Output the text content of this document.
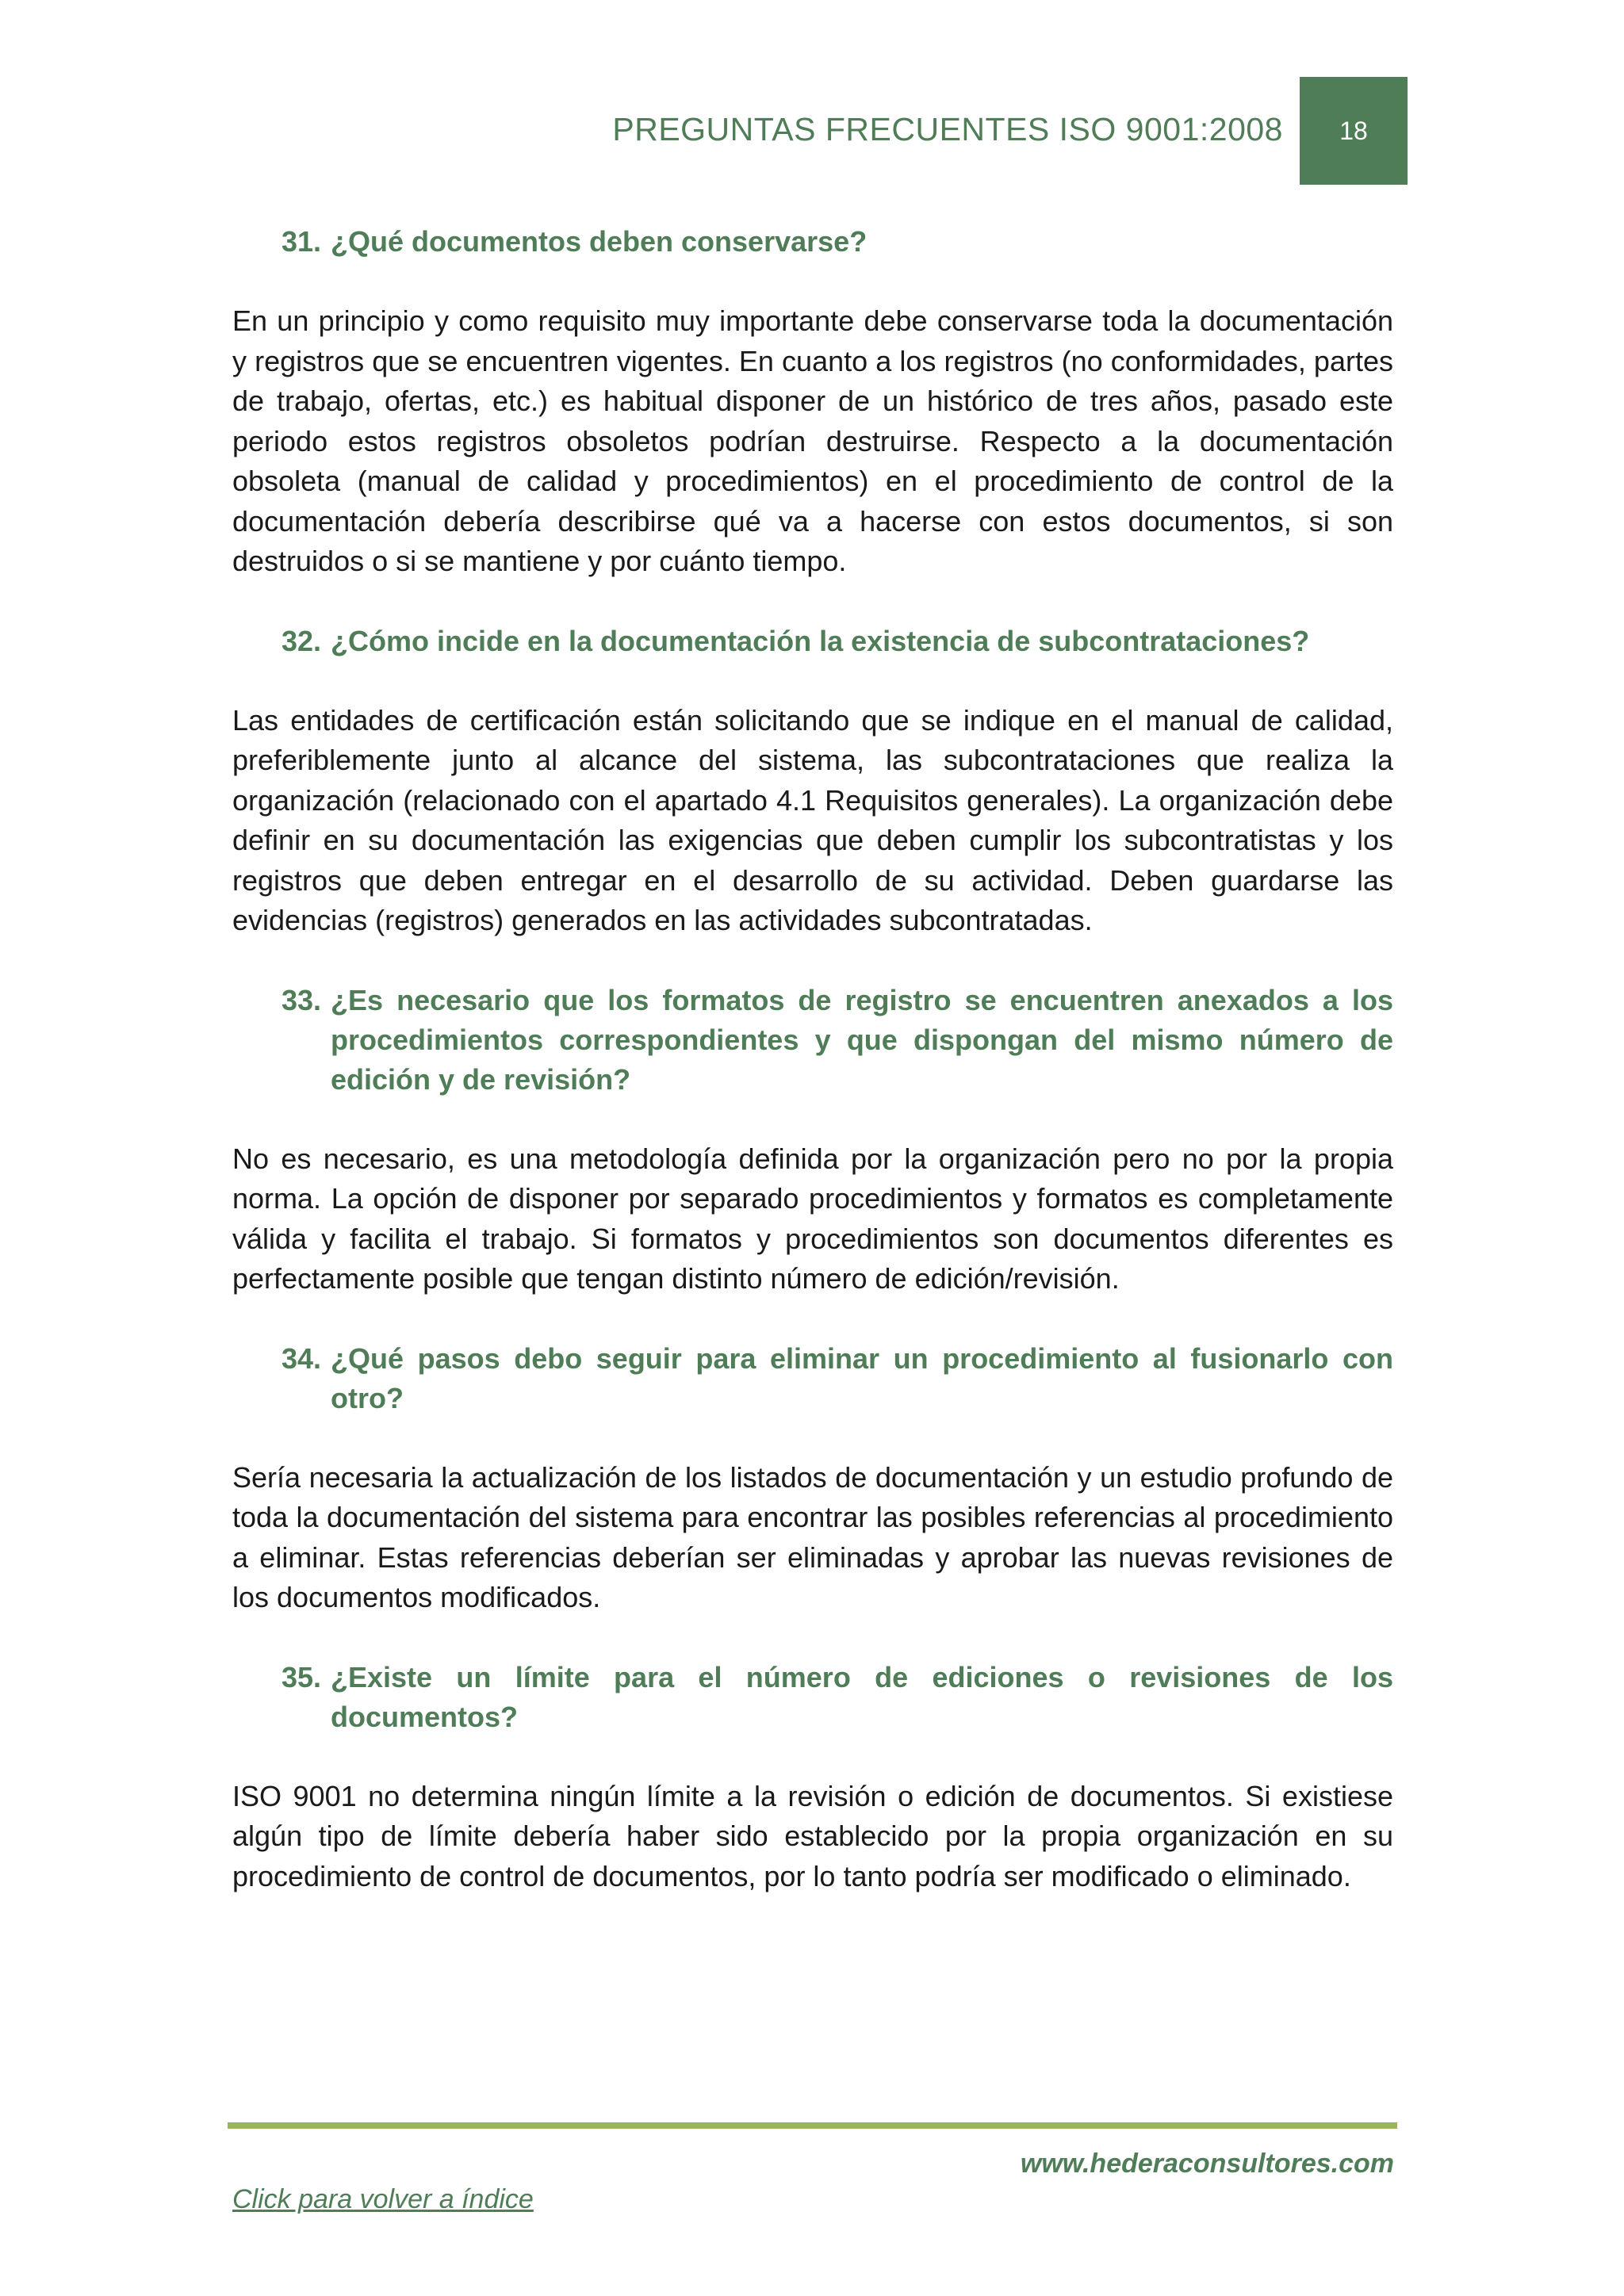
PREGUNTAS FRECUENTES ISO 9001:2008 18
31. ¿Qué documentos deben conservarse?
En un principio y como requisito muy importante debe conservarse toda la documentación y registros que se encuentren vigentes. En cuanto a los registros (no conformidades, partes de trabajo, ofertas, etc.) es habitual disponer de un histórico de tres años, pasado este periodo estos registros obsoletos podrían destruirse. Respecto a la documentación obsoleta (manual de calidad y procedimientos) en el procedimiento de control de la documentación debería describirse qué va a hacerse con estos documentos, si son destruidos o si se mantiene y por cuánto tiempo.
32. ¿Cómo incide en la documentación la existencia de subcontrataciones?
Las entidades de certificación están solicitando que se indique en el manual de calidad, preferiblemente junto al alcance del sistema, las subcontrataciones que realiza la organización (relacionado con el apartado 4.1 Requisitos generales). La organización debe definir en su documentación las exigencias que deben cumplir los subcontratistas y los registros que deben entregar en el desarrollo de su actividad. Deben guardarse las evidencias (registros) generados en las actividades subcontratadas.
33. ¿Es necesario que los formatos de registro se encuentren anexados a los procedimientos correspondientes y que dispongan del mismo número de edición y de revisión?
No es necesario, es una metodología definida por la organización pero no por la propia norma. La opción de disponer por separado procedimientos y formatos es completamente válida y facilita el trabajo. Si formatos y procedimientos son documentos diferentes es perfectamente posible que tengan distinto número de edición/revisión.
34. ¿Qué pasos debo seguir para eliminar un procedimiento al fusionarlo con otro?
Sería necesaria la actualización de los listados de documentación y un estudio profundo de toda la documentación del sistema para encontrar las posibles referencias al procedimiento a eliminar. Estas referencias deberían ser eliminadas y aprobar las nuevas revisiones de los documentos modificados.
35. ¿Existe un límite para el número de ediciones o revisiones de los documentos?
ISO 9001 no determina ningún límite a la revisión o edición de documentos. Si existiese algún tipo de límite debería haber sido establecido por la propia organización en su procedimiento de control de documentos, por lo tanto podría ser modificado o eliminado.
www.hederaconsultores.com
Click para volver a índice
